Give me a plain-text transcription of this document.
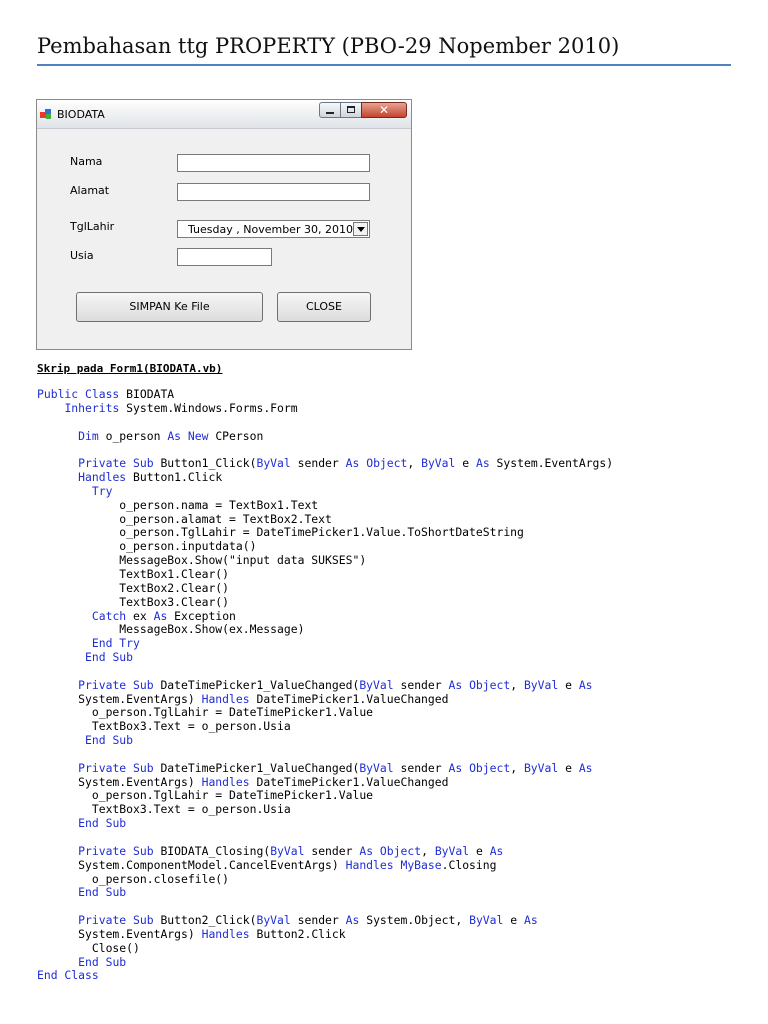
Pembahasan ttg PROPERTY (PBO-29 Nopember 2010)
BIODATA	✕
Nama
Alamat
TglLahir	Tuesday , November 30, 2010
Usia
SIMPAN Ke File	CLOSE
Skrip pada Form1(BIODATA.vb)
Public Class BIODATA
Inherits System.Windows.Forms.Form

Dim o_person As New CPerson

Private Sub Button1_Click(ByVal sender As Object, ByVal e As System.EventArgs)
Handles Button1.Click
Try
o_person.nama = TextBox1.Text
o_person.alamat = TextBox2.Text
o_person.TglLahir = DateTimePicker1.Value.ToShortDateString
o_person.inputdata()
MessageBox.Show("input data SUKSES")
TextBox1.Clear()
TextBox2.Clear()
TextBox3.Clear()
Catch ex As Exception
MessageBox.Show(ex.Message)
End Try
End Sub

Private Sub DateTimePicker1_ValueChanged(ByVal sender As Object, ByVal e As
System.EventArgs) Handles DateTimePicker1.ValueChanged
o_person.TglLahir = DateTimePicker1.Value
TextBox3.Text = o_person.Usia
End Sub

Private Sub DateTimePicker1_ValueChanged(ByVal sender As Object, ByVal e As
System.EventArgs) Handles DateTimePicker1.ValueChanged
o_person.TglLahir = DateTimePicker1.Value
TextBox3.Text = o_person.Usia
End Sub

Private Sub BIODATA_Closing(ByVal sender As Object, ByVal e As
System.ComponentModel.CancelEventArgs) Handles MyBase.Closing
o_person.closefile()
End Sub

Private Sub Button2_Click(ByVal sender As System.Object, ByVal e As
System.EventArgs) Handles Button2.Click
Close()
End Sub
End Class
